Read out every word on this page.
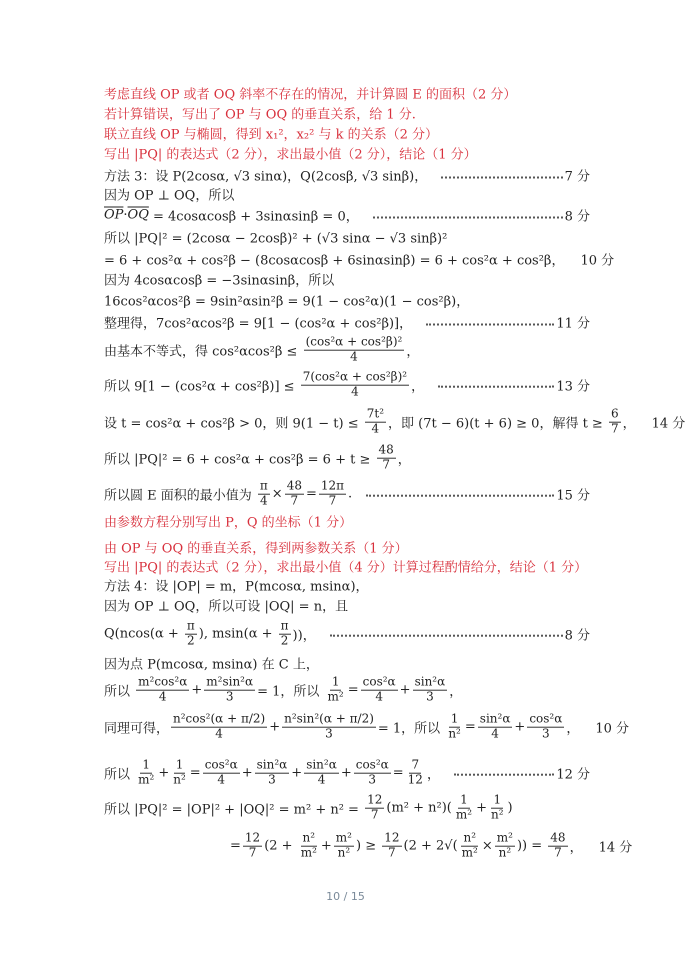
考虑直线 OP 或者 OQ 斜率不存在的情况，并计算圆 E 的面积（2 分）
若计算错误，写出了 OP 与 OQ 的垂直关系，给 1 分.
联立直线 OP 与椭圆，得到 x₁²，x₂² 与 k 的关系（2 分）
写出 |PQ| 的表达式（2 分），求出最小值（2 分），结论（1 分）
方法 3：设 P(2cosα, √3 sinα)，Q(2cosβ, √3 sinβ)，	7 分
因为 OP ⊥ OQ，所以
$\overline{OP} \cdot \overline{OQ} = 4\cos\alpha\cos\beta + 3\sin\alpha\sin\beta = 0$，	8 分
所以 |PQ|² = (2cosα − 2cosβ)² + (√3 sinα − √3 sinβ)²
= 6 + cos²α + cos²β − (8cosαcosβ + 6sinαsinβ) = 6 + cos²α + cos²β， 10 分
因为 4cosαcosβ = −3sinαsinβ，所以
16cos²αcos²β = 9sin²αsin²β = 9(1 − cos²α)(1 − cos²β)，
整理得，7cos²αcos²β = 9[1 − (cos²α + cos²β)]，	11 分
由基本不等式，得 $\cos^2\alpha\cos^2\beta \le \frac{\text{(cos²α + cos²β)²}}{4}$ ，
所以 $9[1 - (\cos^2\alpha + \cos^2\beta)] \le \frac{\text{7(cos²α + cos²β)²}}{4}$ ，	13 分
设 t = cos²α + cos²β > 0，则 $9(1 - t) \le \frac{\text{7t²}}{4}$ ，即 (7t − 6)(t + 6) ≥ 0，解得 $t \ge \frac{6}{7}$ ， 14 分
所以 $|PQ|^2 = 6 + \cos^2\alpha + \cos^2\beta = 6 + t \ge \frac{48}{7}$ ，
所以圆 E 面积的最小值为 $\frac{\pi}{4} \times \frac{48}{7} = \frac{12\pi}{7}$ .	15 分
由参数方程分别写出 P，Q 的坐标（1 分）
由 OP 与 OQ 的垂直关系，得到两参数关系（1 分）
写出 |PQ| 的表达式（2 分），求出最小值（4 分）计算过程酌情给分，结论（1 分）
方法 4：设 |OP| = m，P(mcosα, msinα)，
因为 OP ⊥ OQ，所以可设 |OQ| = n，且
$Q(ncos(\alpha + \frac{\pi}{2}$ ), $msin(\alpha + \frac{\pi}{2}$ ))，	8 分
因为点 P(mcosα, msinα) 在 C 上，
所以 $\frac{\text{m²cos²α}}{4} + \frac{\text{m²sin²α}}{3} = 1$，所以 $\frac{1}{\text{m²}} = \frac{\text{cos²α}}{4} + \frac{\text{sin²α}}{3}$ ，
同理可得， $\frac{\text{n²cos²(α + π/2)}}{4} + \frac{\text{n²sin²(α + π/2)}}{3} = 1$，所以 $\frac{1}{\text{n²}} = \frac{\text{sin²α}}{4} + \frac{\text{cos²α}}{3}$ ， 10 分
所以 $\frac{1}{\text{m²}} + \frac{1}{\text{n²}} = \frac{\text{cos²α}}{4} + \frac{\text{sin²α}}{3} + \frac{\text{sin²α}}{4} + \frac{\text{cos²α}}{3} = \frac{7}{12}$ ，	12 分
所以 $|PQ|^2 = |OP|^2 + |OQ|^2 = m^2 + n^2 = \frac{12}{7} (m^2 + n^2)( \frac{1}{\text{m²}} + \frac{1}{\text{n²}}$ )
= $\frac{12}{7} (2 + \frac{\text{n²}}{\text{m²}} + \frac{\text{m²}}{\text{n²}}$ ) ≥ $\frac{12}{7} (2 + 2√( \frac{\text{n²}}{\text{m²}} \times \frac{\text{m²}}{\text{n²}}$ )) = $\frac{48}{7}$ ， 14 分
10 / 15
